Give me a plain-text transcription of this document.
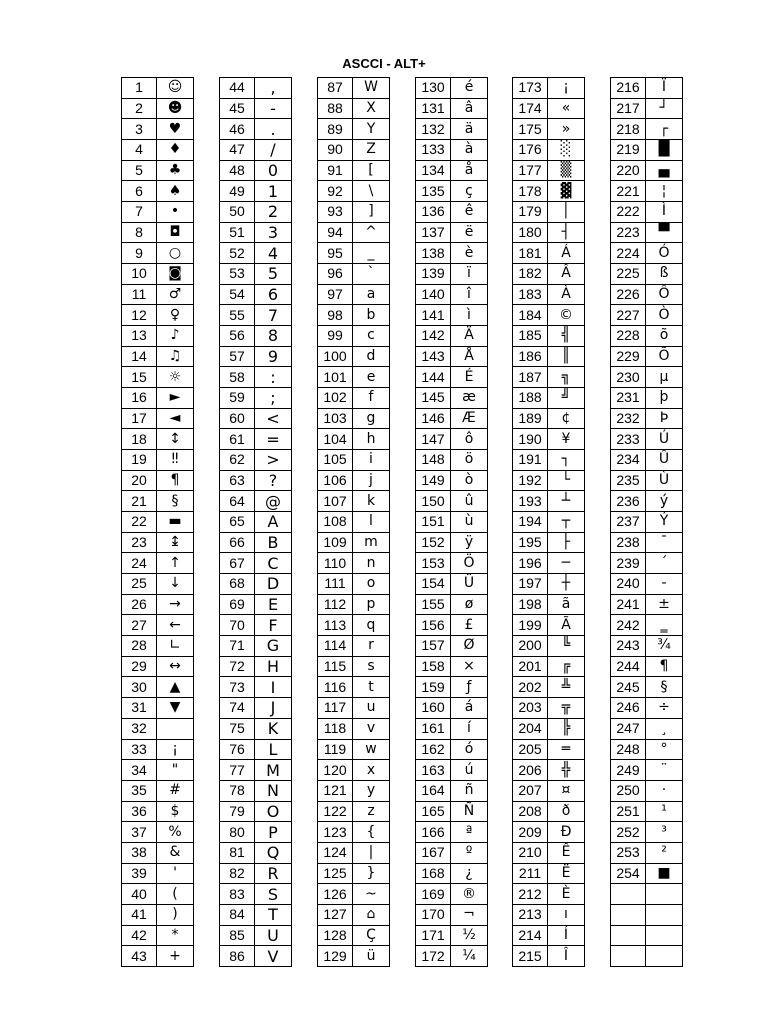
ASCCI - ALT+
1	☺
2	☻
3	♥
4	♦
5	♣
6	♠
7	•
8	◘
9	○
10	◙
11	♂
12	♀
13	♪
14	♫
15	☼
16	►
17	◄
18	↕
19	‼
20	¶
21	§
22	▬
23	↨
24	↑
25	↓
26	→
27	←
28	∟
29	↔
30	▲
31	▼
32	
33	¡
34	"
35	#
36	$
37	%
38	&
39	'
40	(
41	)
42	*
43	+
44	,
45	-
46	.
47	/
48	0
49	1
50	2
51	3
52	4
53	5
54	6
55	7
56	8
57	9
58	:
59	;
60	<
61	=
62	>
63	?
64	@
65	A
66	B
67	C
68	D
69	E
70	F
71	G
72	H
73	I
74	J
75	K
76	L
77	M
78	N
79	O
80	P
81	Q
82	R
83	S
84	T
85	U
86	V
87	W
88	X
89	Y
90	Z
91	[
92	\
93	]
94	^
95	_
96	`
97	a
98	b
99	c
100	d
101	e
102	f
103	g
104	h
105	i
106	j
107	k
108	l
109	m
110	n
111	o
112	p
113	q
114	r
115	s
116	t
117	u
118	v
119	w
120	x
121	y
122	z
123	{
124	|
125	}
126	~
127	⌂
128	Ç
129	ü
130	é
131	â
132	ä
133	à
134	å
135	ç
136	ê
137	ë
138	è
139	ï
140	î
141	ì
142	Ä
143	Å
144	É
145	æ
146	Æ
147	ô
148	ö
149	ò
150	û
151	ù
152	ÿ
153	Ö
154	Ü
155	ø
156	£
157	Ø
158	×
159	ƒ
160	á
161	í
162	ó
163	ú
164	ñ
165	Ñ
166	ª
167	º
168	¿
169	®
170	¬
171	½
172	¼
173	¡
174	«
175	»
176	░
177	▒
178	▓
179	│
180	┤
181	Á
182	Â
183	À
184	©
185	╣
186	║
187	╗
188	╝
189	¢
190	¥
191	┐
192	└
193	┴
194	┬
195	├
196	─
197	┼
198	ã
199	Ã
200	╚
201	╔
202	╩
203	╦
204	╠
205	═
206	╬
207	¤
208	ð
209	Ð
210	Ê
211	Ë
212	È
213	ı
214	Í
215	Î
216	Ï
217	┘
218	┌
219	█
220	▄
221	¦
222	Ì
223	▀
224	Ó
225	ß
226	Ô
227	Ò
228	õ
229	Õ
230	µ
231	þ
232	Þ
233	Ú
234	Û
235	Ù
236	ý
237	Ý
238	¯
239	´
240	-
241	±
242	‗
243	¾
244	¶
245	§
246	÷
247	¸
248	°
249	¨
250	·
251	¹
252	³
253	²
254	■
